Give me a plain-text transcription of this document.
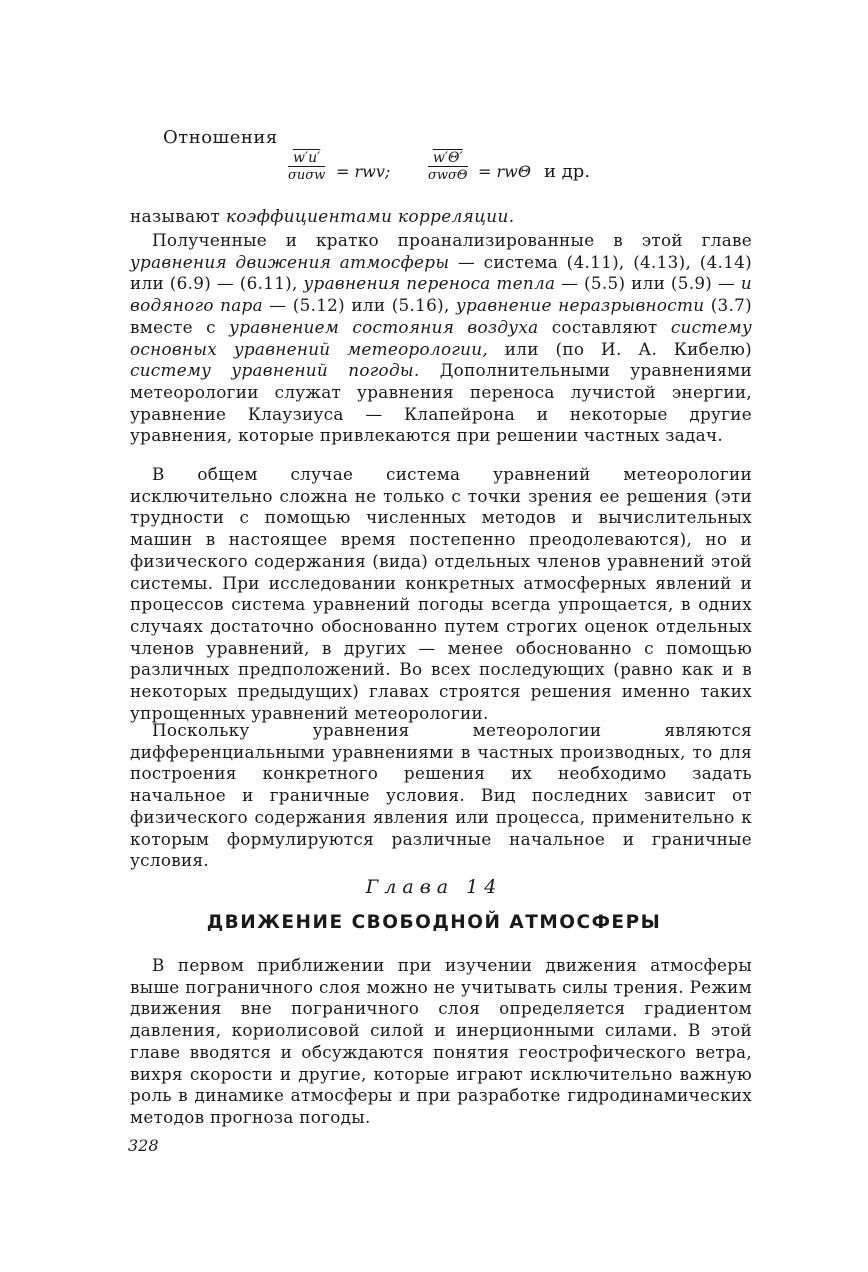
Отношения
w′u′
σuσw = rwv;
w′Θ′
σwσΘ = rwΘ и др.
называют коэффициентами корреляции.

Полученные и кратко проанализированные в этой главе уравнения движения атмосферы — система (4.11), (4.13), (4.14) или (6.9) — (6.11), уравнения переноса тепла — (5.5) или (5.9) — и водяного пара — (5.12) или (5.16), уравнение неразрывности (3.7) вместе с уравнением состояния воздуха составляют систему основных уравнений метеорологии, или (по И. А. Кибелю) систему уравнений погоды. Дополнительными уравнениями метеорологии служат уравнения переноса лучистой энергии, уравнение Клаузиуса — Клапейрона и некоторые другие уравнения, которые привлекаются при решении частных задач.

В общем случае система уравнений метеорологии исключительно сложна не только с точки зрения ее решения (эти трудности с помощью численных методов и вычислительных машин в настоящее время постепенно преодолеваются), но и физического содержания (вида) отдельных членов уравнений этой системы. При исследовании конкретных атмосферных явлений и процессов система уравнений погоды всегда упрощается, в одних случаях достаточно обоснованно путем строгих оценок отдельных членов уравнений, в других — менее обоснованно с помощью различных предположений. Во всех последующих (равно как и в некоторых предыдущих) главах строятся решения именно таких упрощенных уравнений метеорологии.

Поскольку уравнения метеорологии являются дифференциальными уравнениями в частных производных, то для построения конкретного решения их необходимо задать начальное и граничные условия. Вид последних зависит от физического содержания явления или процесса, применительно к которым формулируются различные начальное и граничные условия.

Глава 14
ДВИЖЕНИЕ СВОБОДНОЙ АТМОСФЕРЫ

В первом приближении при изучении движения атмосферы выше пограничного слоя можно не учитывать силы трения. Режим движения вне пограничного слоя определяется градиентом давления, кориолисовой силой и инерционными силами. В этой главе вводятся и обсуждаются понятия геострофического ветра, вихря скорости и другие, которые играют исключительно важную роль в динамике атмосферы и при разработке гидродинамических методов прогноза погоды.

328
